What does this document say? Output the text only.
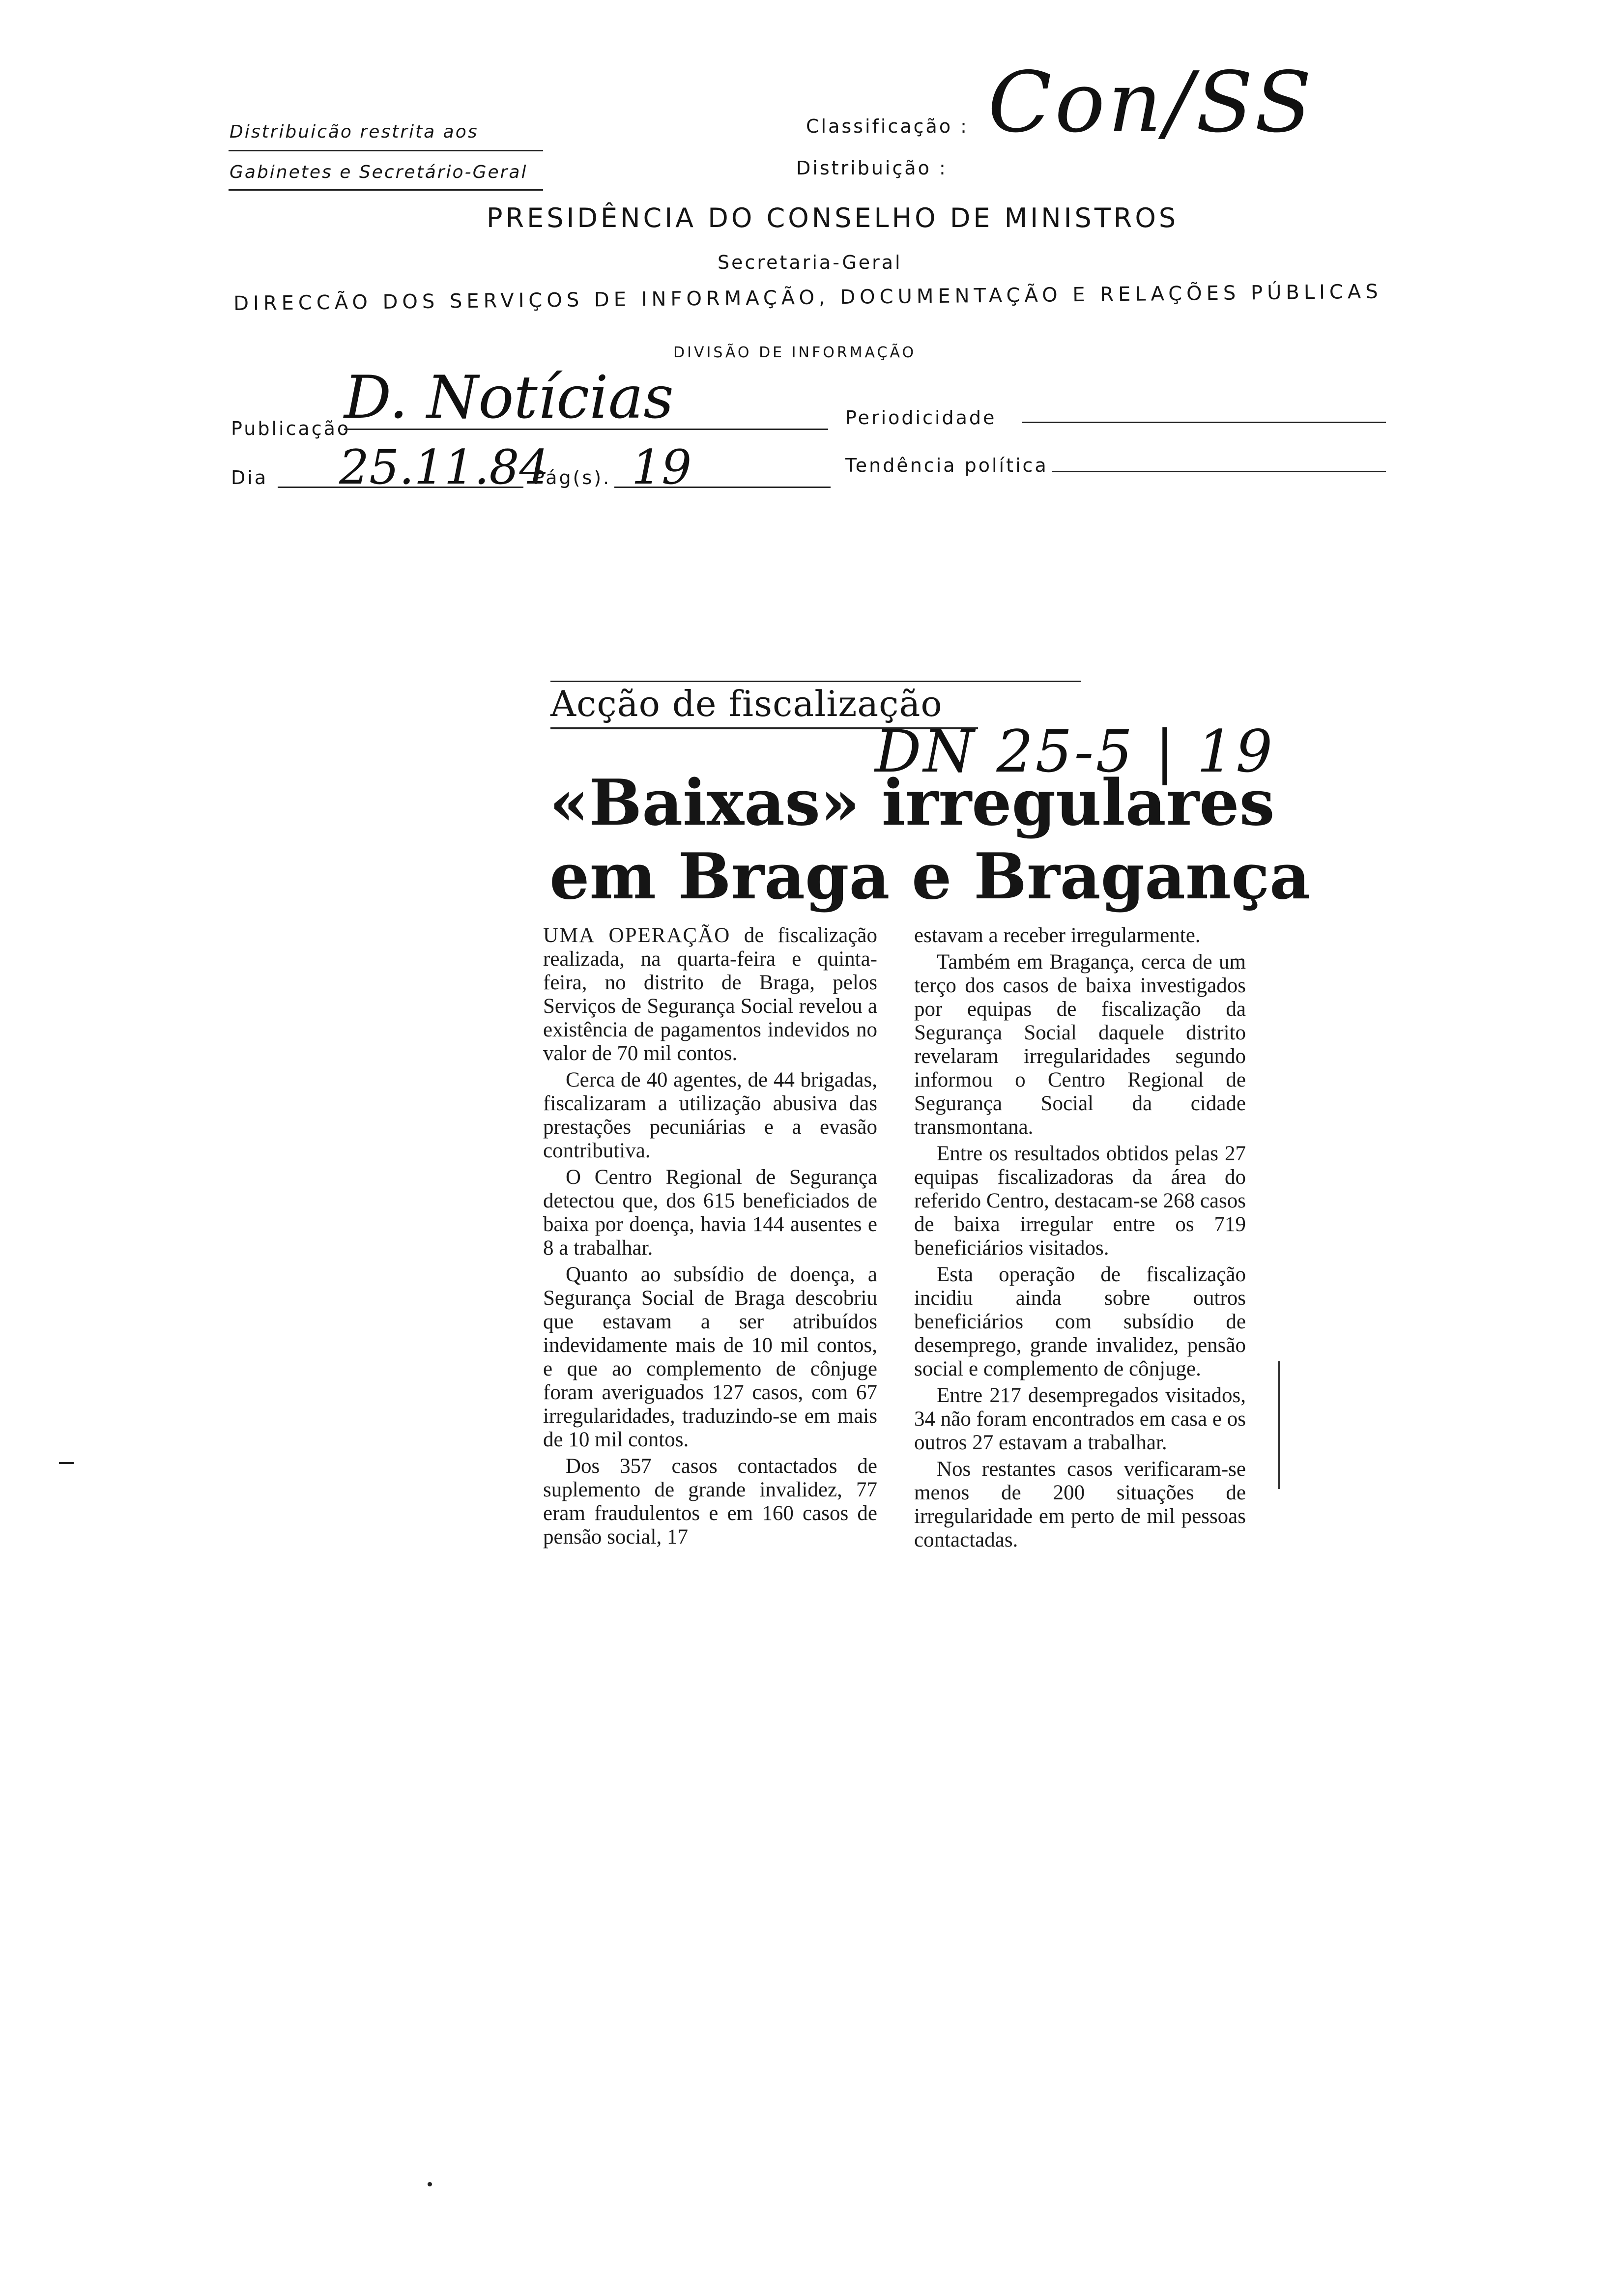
Distribuicão restrita aos
Gabinetes e Secretário-Geral
Classificação : Con/SS
Distribuição :
PRESIDÊNCIA DO CONSELHO DE MINISTROS
Secretaria-Geral
DIRECCÃO DOS SERVIÇOS DE INFORMAÇÃO, DOCUMENTAÇÃO E RELAÇÕES PÚBLICAS
DIVISÃO DE INFORMAÇÃO
Publicação
D. Notícias	Periodicidade
Dia 25.11.84
Pág(s). 19	Tendência política
Acção de fiscalização
DN 25-5 | 19
«Baixas» irregulares
em Braga e Bragança

UMA OPERAÇÃO de fiscalização realizada, na quarta-feira e quinta-feira, no distrito de Braga, pelos Serviços de Segurança Social revelou a existência de pagamentos indevidos no valor de 70 mil contos.

Cerca de 40 agentes, de 44 brigadas, fiscalizaram a utilização abusiva das prestações pecuniárias e a evasão contributiva.

O Centro Regional de Segurança detectou que, dos 615 beneficiados de baixa por doença, havia 144 ausentes e 8 a trabalhar.

Quanto ao subsídio de doença, a Segurança Social de Braga descobriu que estavam a ser atribuídos indevidamente mais de 10 mil contos, e que ao complemento de cônjuge foram averiguados 127 casos, com 67 irregularidades, traduzindo-se em mais de 10 mil contos.

Dos 357 casos contactados de suplemento de grande invalidez, 77 eram fraudulentos e em 160 casos de pensão social, 17

estavam a receber irregularmente.

Também em Bragança, cerca de um terço dos casos de baixa investigados por equipas de fiscalização da Segurança Social daquele distrito revelaram irregularidades segundo informou o Centro Regional de Segurança Social da cidade transmontana.

Entre os resultados obtidos pelas 27 equipas fiscalizadoras da área do referido Centro, destacam-se 268 casos de baixa irregular entre os 719 beneficiários visitados.

Esta operação de fiscalização incidiu ainda sobre outros beneficiários com subsídio de desemprego, grande invalidez, pensão social e complemento de cônjuge.

Entre 217 desempregados visitados, 34 não foram encontrados em casa e os outros 27 estavam a trabalhar.

Nos restantes casos verificaram-se menos de 200 situações de irregularidade em perto de mil pessoas contactadas.
